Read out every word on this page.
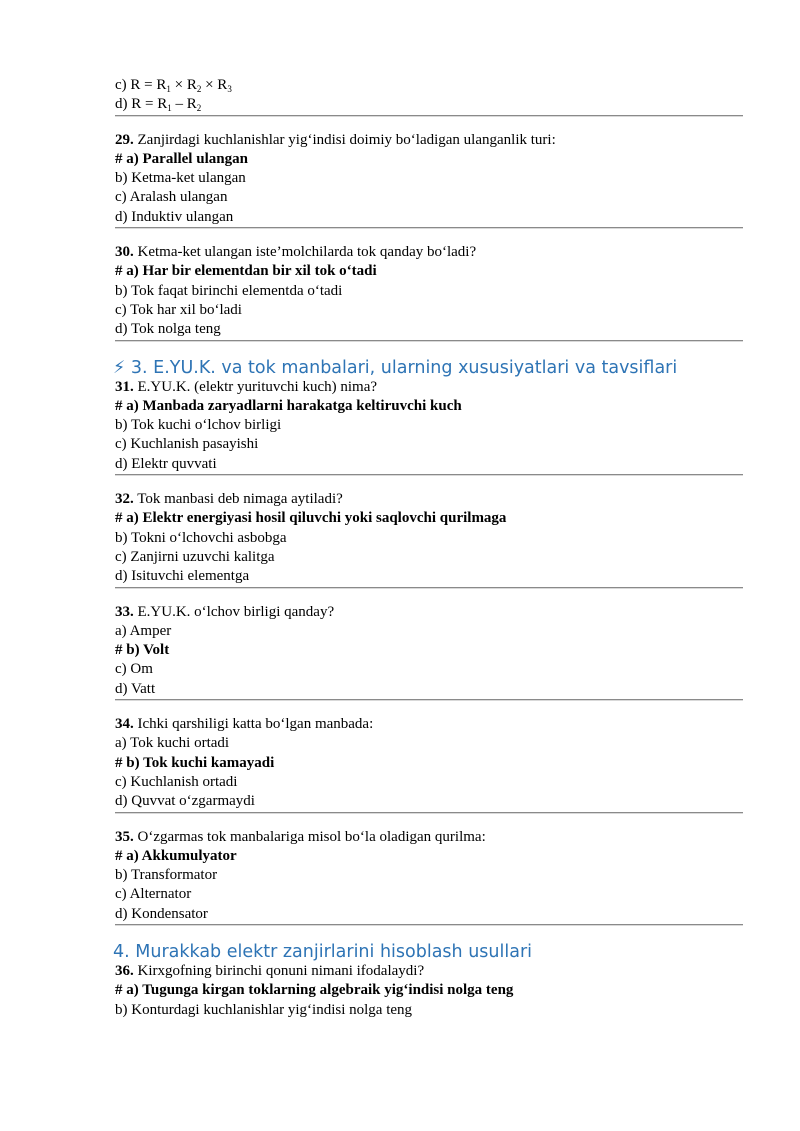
c) $R = R_1 \times R_2 \times R_3$
d) $R = R_1 - R_2$
29. Zanjirdagi kuchlanishlar yig‘indisi doimiy bo‘ladigan ulanganlik turi:
# a) Parallel ulangan
b) Ketma-ket ulangan
c) Aralash ulangan
d) Induktiv ulangan
30. Ketma-ket ulangan iste’molchilarda tok qanday bo‘ladi?
# a) Har bir elementdan bir xil tok o‘tadi
b) Tok faqat birinchi elementda o‘tadi
c) Tok har xil bo‘ladi
d) Tok nolga teng
⚡ 3. E.YU.K. va tok manbalari, ularning xususiyatlari va tavsiflari
31. E.YU.K. (elektr yurituvchi kuch) nima?
# a) Manbada zaryadlarni harakatga keltiruvchi kuch
b) Tok kuchi o‘lchov birligi
c) Kuchlanish pasayishi
d) Elektr quvvati
32. Tok manbasi deb nimaga aytiladi?
# a) Elektr energiyasi hosil qiluvchi yoki saqlovchi qurilmaga
b) Tokni o‘lchovchi asbobga
c) Zanjirni uzuvchi kalitga
d) Isituvchi elementga
33. E.YU.K. o‘lchov birligi qanday?
a) Amper
# b) Volt
c) Om
d) Vatt
34. Ichki qarshiligi katta bo‘lgan manbada:
a) Tok kuchi ortadi
# b) Tok kuchi kamayadi
c) Kuchlanish ortadi
d) Quvvat o‘zgarmaydi
35. O‘zgarmas tok manbalariga misol bo‘la oladigan qurilma:
# a) Akkumulyator
b) Transformator
c) Alternator
d) Kondensator
4. Murakkab elektr zanjirlarini hisoblash usullari
36. Kirxgofning birinchi qonuni nimani ifodalaydi?
# a) Tugunga kirgan toklarning algebraik yig‘indisi nolga teng
b) Konturdagi kuchlanishlar yig‘indisi nolga teng
